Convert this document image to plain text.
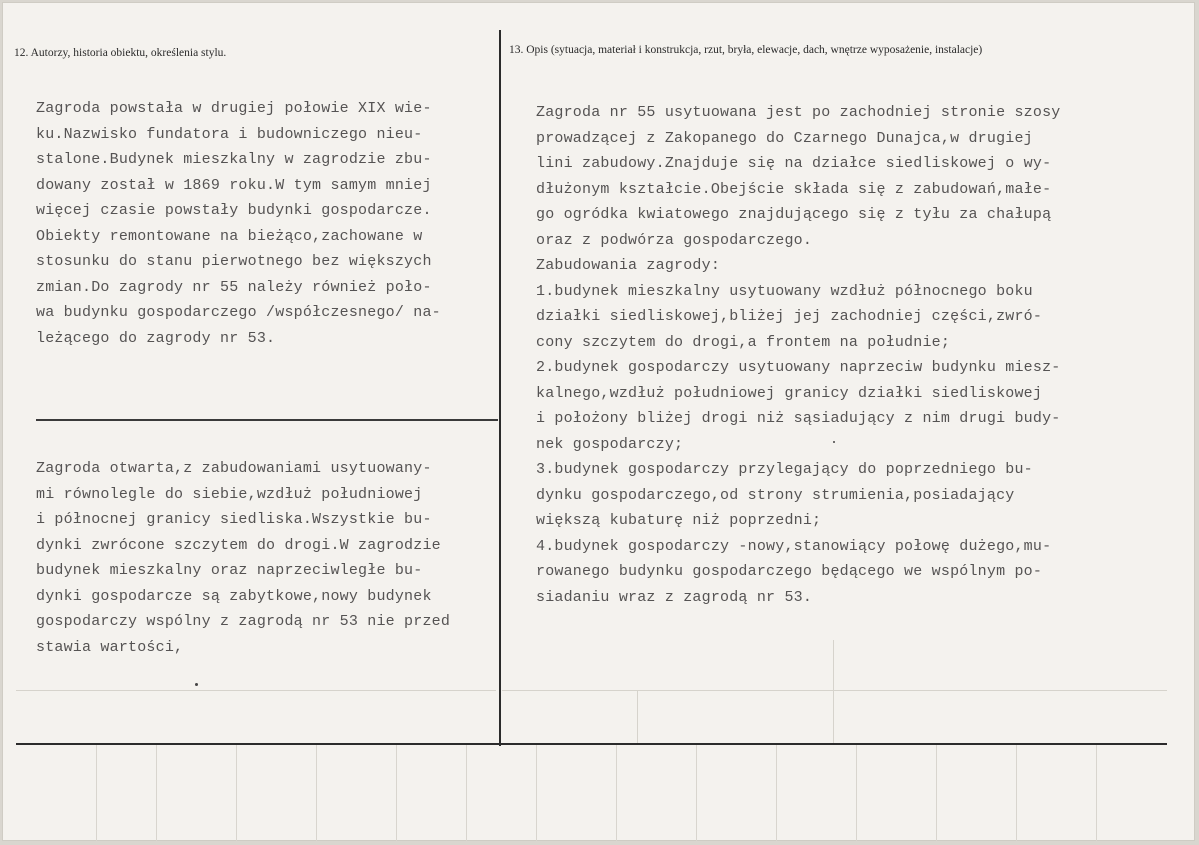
12. Autorzy, historia obiektu, określenia stylu.	13. Opis (sytuacja, materiał i konstrukcja, rzut, bryła, elewacje, dach, wnętrze wyposażenie, instalacje)
Zagroda powstała w drugiej połowie XIX wie-
ku.Nazwisko fundatora i budowniczego nieu-
stalone.Budynek mieszkalny w zagrodzie zbu-
dowany został w 1869 roku.W tym samym mniej
więcej czasie powstały budynki gospodarcze.
Obiekty remontowane na bieżąco,zachowane w
stosunku do stanu pierwotnego bez większych
zmian.Do zagrody nr 55 należy również poło-
wa budynku gospodarczego /współczesnego/ na-
leżącego do zagrody nr 53.
Zagroda otwarta,z zabudowaniami usytuowany-
mi równolegle do siebie,wzdłuż południowej
i północnej granicy siedliska.Wszystkie bu-
dynki zwrócone szczytem do drogi.W zagrodzie
budynek mieszkalny oraz naprzeciwległe bu-
dynki gospodarcze są zabytkowe,nowy budynek
gospodarczy wspólny z zagrodą nr 53 nie przed
stawia wartości,
Zagroda nr 55 usytuowana jest po zachodniej stronie szosy
prowadzącej z Zakopanego do Czarnego Dunajca,w drugiej
lini zabudowy.Znajduje się na działce siedliskowej o wy-
dłużonym kształcie.Obejście składa się z zabudowań,małe-
go ogródka kwiatowego znajdującego się z tyłu za chałupą
oraz z podwórza gospodarczego.
Zabudowania zagrody:
1.budynek mieszkalny usytuowany wzdłuż północnego boku
działki siedliskowej,bliżej jej zachodniej części,zwró-
cony szczytem do drogi,a frontem na południe;
2.budynek gospodarczy usytuowany naprzeciw budynku miesz-
kalnego,wzdłuż południowej granicy działki siedliskowej
i położony bliżej drogi niż sąsiadujący z nim drugi budy-
nek gospodarczy;
3.budynek gospodarczy przylegający do poprzedniego bu-
dynku gospodarczego,od strony strumienia,posiadający
większą kubaturę niż poprzedni;
4.budynek gospodarczy -nowy,stanowiący połowę dużego,mu-
rowanego budynku gospodarczego będącego we wspólnym po-
siadaniu wraz z zagrodą nr 53.
